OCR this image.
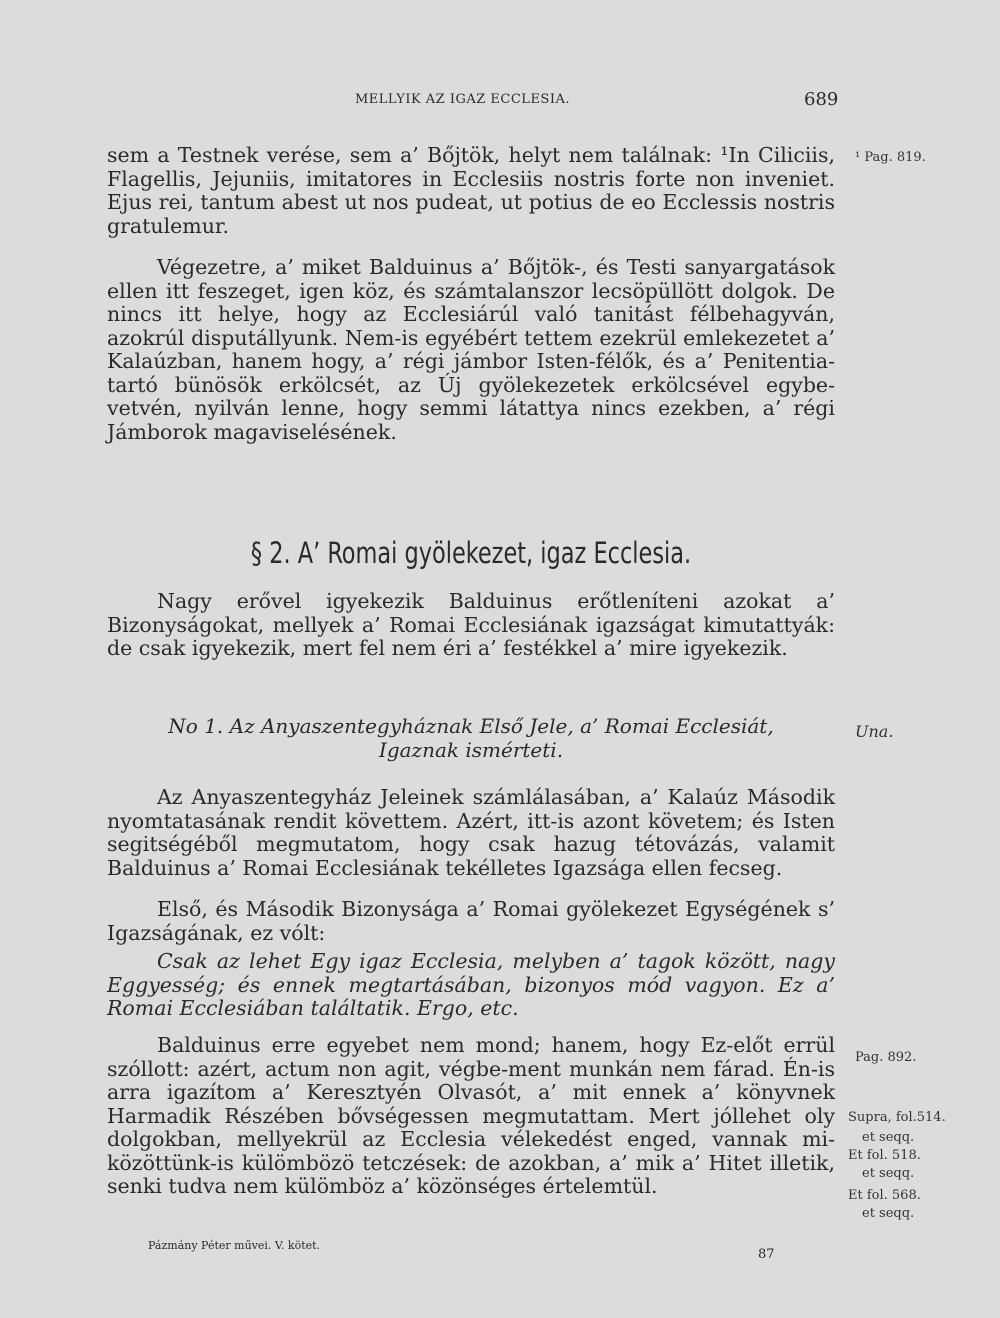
MELLYIK AZ IGAZ ECCLESIA.	689
sem a Testnek verése, sem a’ Bőjtök, helyt nem találnak: ¹In Ciliciis, Flagellis, Jejuniis, imitatores in Ecclesiis nostris forte non inveniet. Ejus rei, tantum abest ut nos pudeat, ut potius de eo Ecclessis nostris gratulemur.
Végezetre, a’ miket Balduinus a’ Bőjtök-, és Testi sanyargatások ellen itt feszeget, igen köz, és számtalanszor lecsöpüllött dolgok. De nincs itt helye, hogy az Ecclesiárúl való tanitást félbehagyván, azokrúl disputállyunk. Nem-is egyébért tettem ezekrül emlekezetet a’ Kalaúzban, hanem hogy, a’ régi jámbor Isten-félők, és a’ Penitentia-tartó bünösök erkölcsét, az Új gyölekezetek erkölcsével egybe-vetvén, nyilván lenne, hogy semmi látattya nincs ezekben, a’ régi Jámborok magaviselésének.
§ 2. A’ Romai gyölekezet, igaz Ecclesia.
Nagy erővel igyekezik Balduinus erőtleníteni azokat a’ Bizonyságokat, mellyek a’ Romai Ecclesiának igazságat kimutattyák: de csak igyekezik, mert fel nem éri a’ festékkel a’ mire igyekezik.
No 1. Az Anyaszentegyháznak Első Jele, a’ Romai Ecclesiát,
Igaznak ismérteti.
Az Anyaszentegyház Jeleinek számlálasában, a’ Kalaúz Második nyomtatasának rendit követtem. Azért, itt-is azont követem; és Isten segitségéből megmutatom, hogy csak hazug tétovázás, valamit Balduinus a’ Romai Ecclesiának tekélletes Igazsága ellen fecseg.
Első, és Második Bizonysága a’ Romai gyölekezet Egységének s’ Igazságának, ez vólt:
Csak az lehet Egy igaz Ecclesia, melyben a’ tagok között, nagy Eggyesség; és ennek megtartásában, bizonyos mód vagyon. Ez a’ Romai Ecclesiában találtatik. Ergo, etc.
Balduinus erre egyebet nem mond; hanem, hogy Ez-előt errül szóllott: azért, actum non agit, végbe-ment munkán nem fárad. Én-is arra igazítom a’ Keresztyén Olvasót, a’ mit ennek a’ könyvnek Harmadik Részében bővségessen megmutattam. Mert jóllehet oly dolgokban, mellyekrül az Ecclesia vélekedést enged, vannak mi-közöttünk-is külömbözö tetczések: de azokban, a’ mik a’ Hitet illetik, senki tudva nem külömböz a’ közönséges értelemtül.
¹ Pag. 819.
Una.
Pag. 892.
Supra, fol.514.
et seqq.
Et fol. 518.
et seqq.
Et fol. 568.
et seqq.
Pázmány Péter művei. V. kötet.
87
